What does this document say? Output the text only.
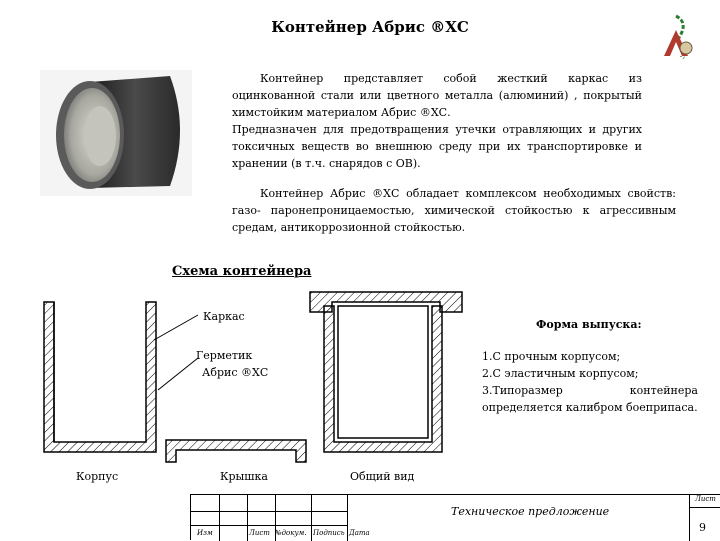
Контейнер Абрис ®ХС
Контейнер представляет собой жесткий каркас из оцинкованной стали или цветного металла (алюминий) , покрытый химстойким материалом Абрис ®ХС.
Предназначен для предотвращения утечки отравляющих и других токсичных веществ во внешнюю среду при их транспортировке и хранении (в т.ч. снарядов с ОВ).
Контейнер Абрис ®ХС обладает комплексом необходимых свойств: газо- паронепроницаемостью, химической стойкостью к агрессивным средам, антикоррозионной стойкостью.
Схема контейнера
Каркас
Герметик
Абрис ®ХС
Корпус	Крышка	Общий вид
Форма выпуска:
1.С прочным корпусом;
2.С эластичным корпусом;
3.Типоразмер контейнера определяется калибром боеприпаса.
Лист
9
Изм	Лист №докум. Подпись Дата
Техническое предложение
